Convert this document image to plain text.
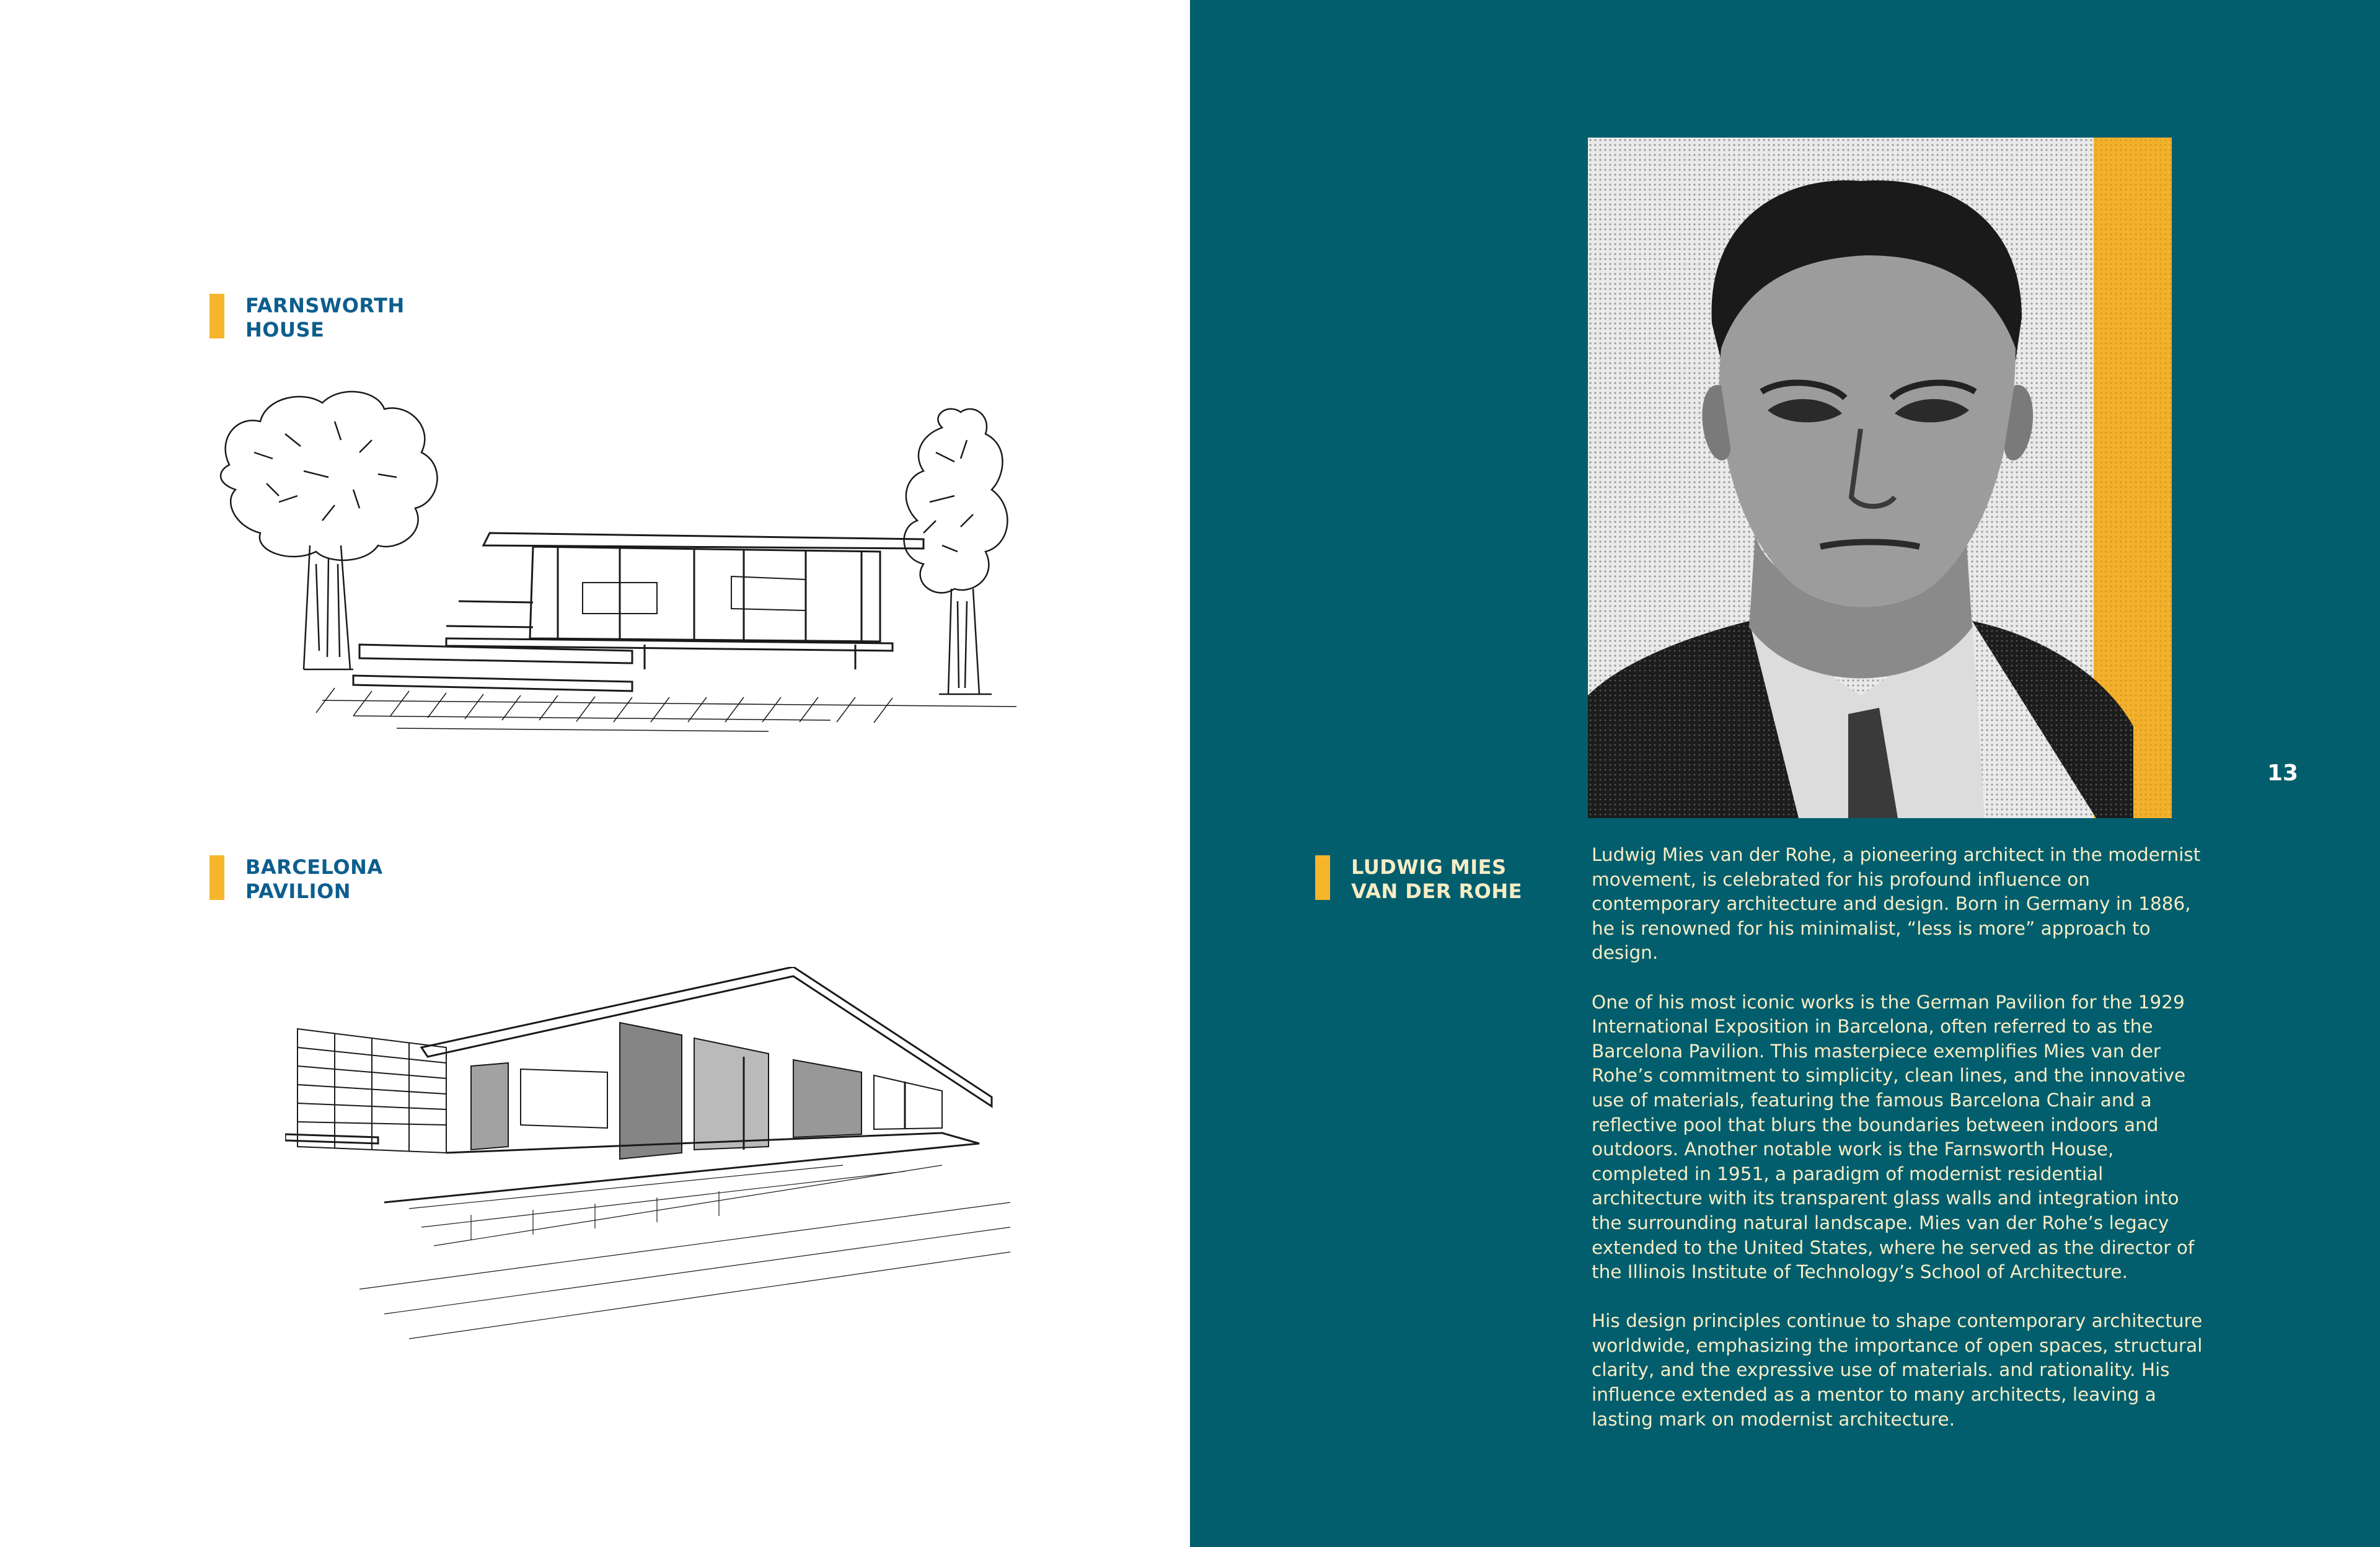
FARNSWORTH HOUSE
BARCELONA PAVILION
13
LUDWIG MIES VAN DER ROHE

Ludwig Mies van der Rohe, a pioneering architect in the modernist movement, is celebrated for his profound influence on contemporary architecture and design. Born in Germany in 1886, he is renowned for his minimalist, “less is more” approach to design.

One of his most iconic works is the German Pavilion for the 1929 International Exposition in Barcelona, often referred to as the Barcelona Pavilion. This masterpiece exemplifies Mies van der Rohe’s commitment to simplicity, clean lines, and the innovative use of materials, featuring the famous Barcelona Chair and a reflective pool that blurs the boundaries between indoors and outdoors. Another notable work is the Farnsworth House, completed in 1951, a paradigm of modernist residential architecture with its transparent glass walls and integration into the surrounding natural landscape. Mies van der Rohe’s legacy extended to the United States, where he served as the director of the Illinois Institute of Technology’s School of Architecture.

His design principles continue to shape contemporary architecture worldwide, emphasizing the importance of open spaces, structural clarity, and the expressive use of materials. and rationality. His influence extended as a mentor to many architects, leaving a lasting mark on modernist architecture.
